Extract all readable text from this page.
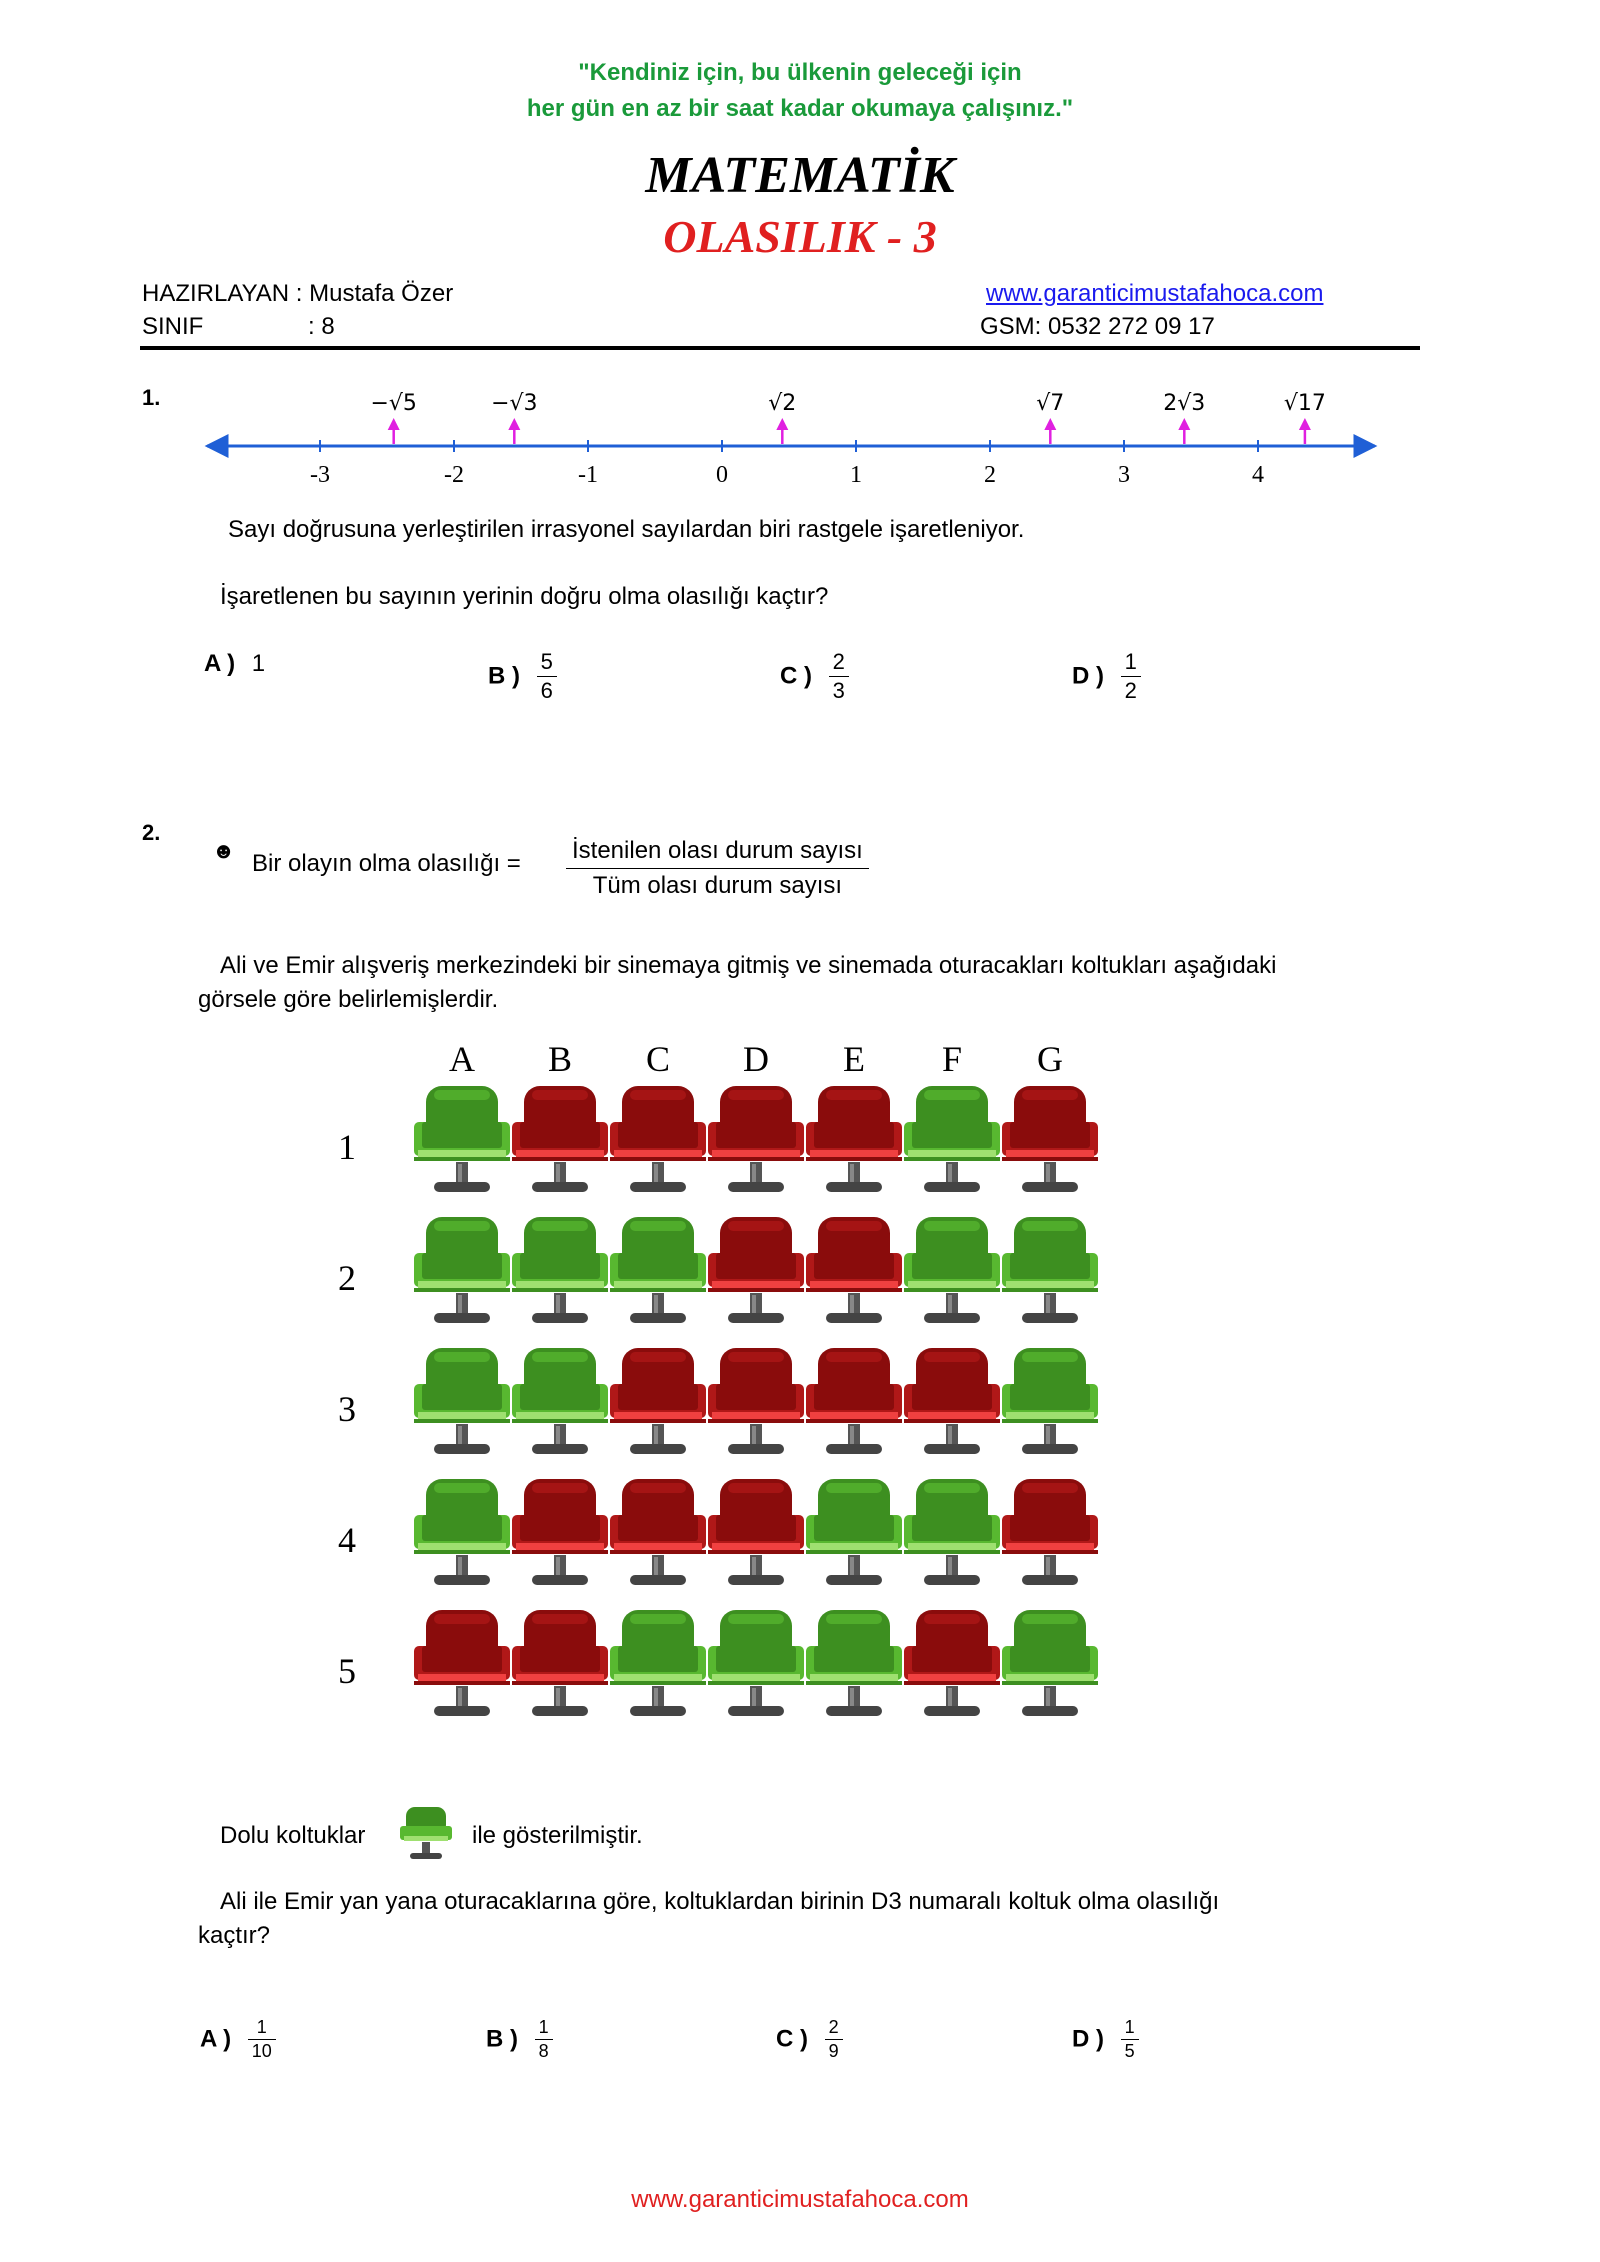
"Kendiniz için, bu ülkenin geleceği için
her gün en az bir saat kadar okumaya çalışınız."
MATEMATİK
OLASILIK - 3
HAZIRLAYAN : Mustafa Özer
SINIF	: 8
www.garanticimustafahoca.com
GSM: 0532 272 09 17
1.
-3	-2	-1	0	1	2	3	4
−√5	−√3	√2	√7	2√3	√17
Sayı doğrusuna yerleştirilen irrasyonel sayılardan biri rastgele işaretleniyor.
İşaretlenen bu sayının yerinin doğru olma olasılığı kaçtır?
A ) 1	B ) $\frac{5}{6}$	C ) $\frac{2}{3}$	D ) $\frac{1}{2}$
2.
☻ Bir olayın olma olasılığı = İstenilen olası durum sayısı
Tüm olası durum sayısı
Ali ve Emir alışveriş merkezindeki bir sinemaya gitmiş ve sinemada oturacakları koltukları aşağıdaki
görsele göre belirlemişlerdir.
A	B	C	D	E	F	G
1
2
3
4
5
Dolu koltuklar	ile gösterilmiştir.
Ali ile Emir yan yana oturacaklarına göre, koltuklardan birinin D3 numaralı koltuk olma olasılığı
kaçtır?
A ) $\frac{1}{10}$	B ) $\frac{1}{8}$	C ) $\frac{2}{9}$	D ) $\frac{1}{5}$
www.garanticimustafahoca.com
